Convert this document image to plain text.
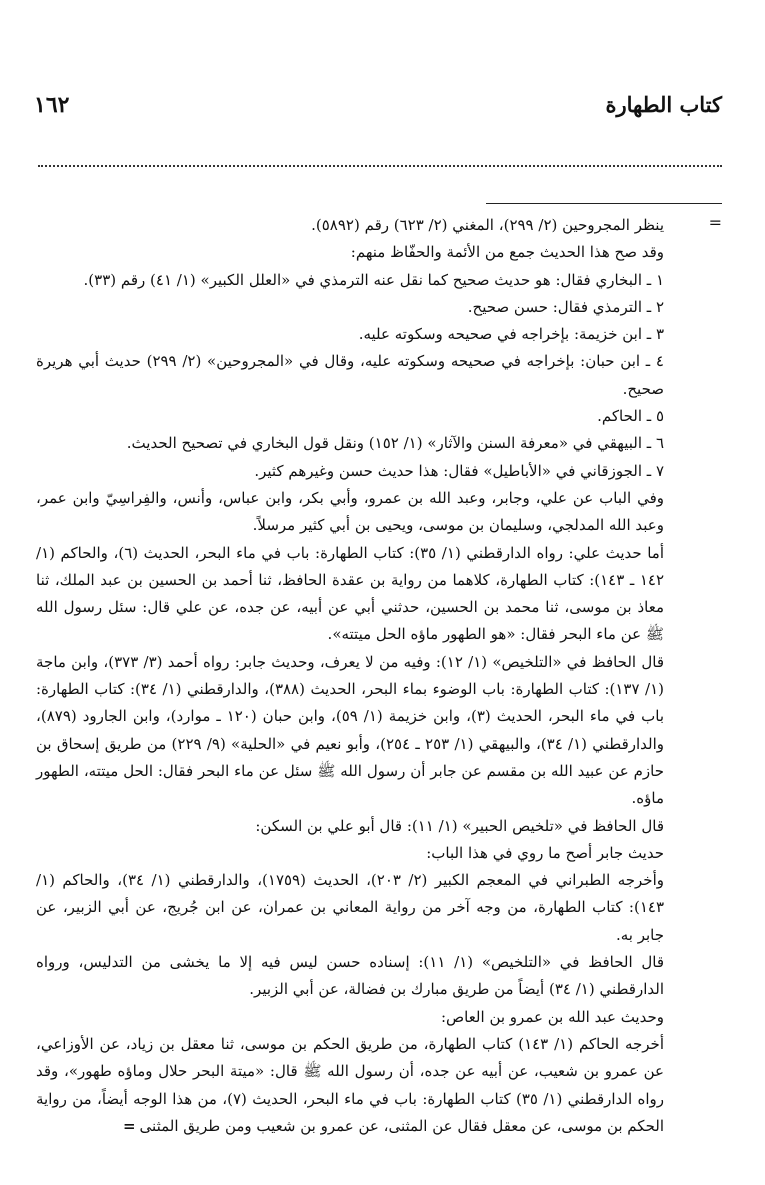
كتاب الطهارة
١٦٢
=

ينظر المجروحين (٢/ ٢٩٩)، المغني (٢/ ٦٢٣) رقم (٥٨٩٢).

وقد صح هذا الحديث جمع من الأئمة والحفّاظ منهم:

١ ـ البخاري فقال: هو حديث صحيح كما نقل عنه الترمذي في «العلل الكبير» (١/ ٤١) رقم (٣٣).

٢ ـ الترمذي فقال: حسن صحيح.

٣ ـ ابن خزيمة: بإخراجه في صحيحه وسكوته عليه.

٤ ـ ابن حبان: بإخراجه في صحيحه وسكوته عليه، وقال في «المجروحين» (٢/ ٢٩٩) حديث أبي هريرة صحيح.

٥ ـ الحاكم.

٦ ـ البيهقي في «معرفة السنن والآثار» (١/ ١٥٢) ونقل قول البخاري في تصحيح الحديث.

٧ ـ الجوزقاني في «الأباطيل» فقال: هذا حديث حسن وغيرهم كثير.

وفي الباب عن علي، وجابر، وعبد الله بن عمرو، وأبي بكر، وابن عباس، وأنس، والفِراسِيّ وابن عمر، وعبد الله المدلجي، وسليمان بن موسى، ويحيى بن أبي كثير مرسلاً.

أما حديث علي: رواه الدارقطني (١/ ٣٥): كتاب الطهارة: باب في ماء البحر، الحديث (٦)، والحاكم (١/ ١٤٢ ـ ١٤٣): كتاب الطهارة، كلاهما من رواية بن عقدة الحافظ، ثنا أحمد بن الحسين بن عبد الملك، ثنا معاذ بن موسى، ثنا محمد بن الحسين، حدثني أبي عن أبيه، عن جده، عن علي قال: سئل رسول الله ﷺ عن ماء البحر فقال: «هو الطهور ماؤه الحل ميتته».

قال الحافظ في «التلخيص» (١/ ١٢): وفيه من لا يعرف، وحديث جابر: رواه أحمد (٣/ ٣٧٣)، وابن ماجة (١/ ١٣٧): كتاب الطهارة: باب الوضوء بماء البحر، الحديث (٣٨٨)، والدارقطني (١/ ٣٤): كتاب الطهارة: باب في ماء البحر، الحديث (٣)، وابن خزيمة (١/ ٥٩)، وابن حبان (١٢٠ ـ موارد)، وابن الجارود (٨٧٩)، والدارقطني (١/ ٣٤)، والبيهقي (١/ ٢٥٣ ـ ٢٥٤)، وأبو نعيم في «الحلية» (٩/ ٢٢٩) من طريق إسحاق بن حازم عن عبيد الله بن مقسم عن جابر أن رسول الله ﷺ سئل عن ماء البحر فقال: الحل ميتته، الطهور ماؤه.

قال الحافظ في «تلخيص الحبير» (١/ ١١): قال أبو علي بن السكن:

حديث جابر أصح ما روي في هذا الباب:

وأخرجه الطبراني في المعجم الكبير (٢/ ٢٠٣)، الحديث (١٧٥٩)، والدارقطني (١/ ٣٤)، والحاكم (١/ ١٤٣): كتاب الطهارة، من وجه آخر من رواية المعاني بن عمران، عن ابن جُريج، عن أبي الزبير، عن جابر به.

قال الحافظ في «التلخيص» (١/ ١١): إسناده حسن ليس فيه إلا ما يخشى من التدليس، ورواه الدارقطني (١/ ٣٤) أيضاً من طريق مبارك بن فضالة، عن أبي الزبير.

وحديث عبد الله بن عمرو بن العاص:

أخرجه الحاكم (١/ ١٤٣) كتاب الطهارة، من طريق الحكم بن موسى، ثنا معقل بن زياد، عن الأوزاعي، عن عمرو بن شعيب، عن أبيه عن جده، أن رسول الله ﷺ قال: «ميتة البحر حلال وماؤه طهور»، وقد رواه الدارقطني (١/ ٣٥) كتاب الطهارة: باب في ماء البحر، الحديث (٧)، من هذا الوجه أيضاً، من رواية الحكم بن موسى، عن معقل فقال عن المثنى، عن عمرو بن شعيب ومن طريق المثنى=
